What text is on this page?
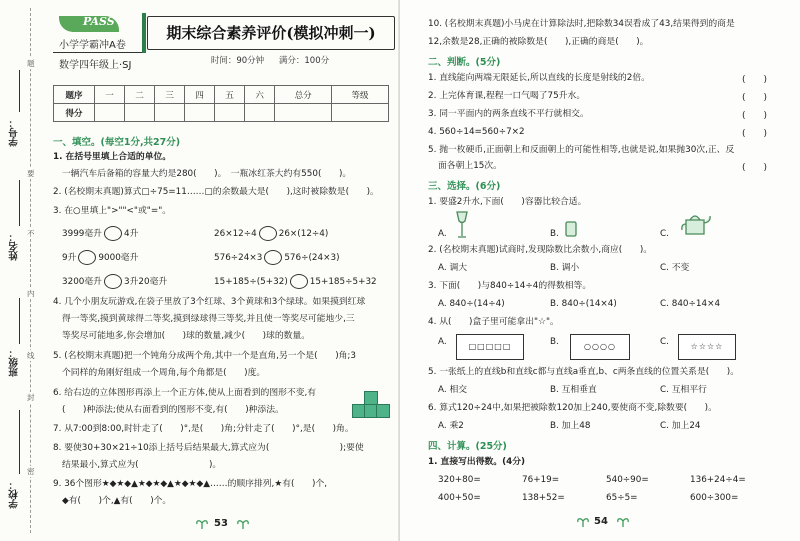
学号：
姓名：
班级：
学校：
题
要
不
内
线
封
密
PASS
小学学霸冲A卷
数学四年级上·SJ
期末综合素养评价(模拟冲刺一)
时间：90分钟 满分：100分
题序	一	二	三	四	五	六	总分	等级
得分								
一、填空。(每空1分,共27分)
1. 在括号里填上合适的单位。
一辆汽车后备箱的容量大约是280(　　)。　一瓶冰红茶大约有550(　　)。
2. (名校期末真题)算式□÷75=11……□的余数最大是(　　),这时被除数是(　　)。
3. 在○里填上">""<"或"="。
3999毫升	4升	26×12÷4	26×(12÷4)
9升	9000毫升	576÷24×3	576÷(24×3)
3200毫升	3升20毫升	15+185÷(5+32)	15+185÷5+32
4. 几个小朋友玩游戏,在袋子里放了3个红球、3个黄球和3个绿球。如果摸到红球
得一等奖,摸到黄球得二等奖,摸到绿球得三等奖,并且使一等奖尽可能地少,三
等奖尽可能地多,你会增加(　　)球的数量,减少(　　)球的数量。
5. (名校期末真题)把一个钝角分成两个角,其中一个是直角,另一个是(　　)角;3
个同样的角刚好组成一个周角,每个角都是(　　)度。
6. 给右边的立体图形再添上一个正方体,使从上面看到的图形不变,有
(　　)种添法;使从右面看到的图形不变,有(　　)种添法。
7. 从7:00到8:00,时针走了(　　)°,是(　　)角;分针走了(　　)°,是(　　)角。
8. 要使30+30×21÷10添上括号后结果最大,算式应为(　　　　　　　　);要使
结果最小,算式应为(　　　　　　　　)。
9. 36个图形★◆★◆▲★◆★◆▲★◆★◆▲……的顺序排列,★有(　　)个,
◆有(　　)个,▲有(　　)个。
53
10. (名校期末真题)小马虎在计算除法时,把除数34误看成了43,结果得到的商是
12,余数是28,正确的被除数是(　　),正确的商是(　　)。
二、判断。(5分)
1. 直线能向两端无限延长,所以直线的长度是射线的2倍。	(　　)
2. 上完体育课,程程一口气喝了75升水。	(　　)
3. 同一平面内的两条直线不平行就相交。	(　　)
4. 560÷14=560÷7×2	(　　)
5. 抛一枚硬币,正面朝上和反面朝上的可能性相等,也就是说,如果抛30次,正、反
面各朝上15次。	(　　)
三、选择。(6分)
1. 要盛2升水,下面(　　)容器比较合适。
A.	B.	C.
2. (名校期末真题)试商时,发现除数比余数小,商应(　　)。
A. 调大	B. 调小	C. 不变
3. 下面(　　)与840÷14÷4的得数相等。
A. 840÷(14÷4)	B. 840÷(14×4)	C. 840÷14×4
4. 从(　　)盒子里可能拿出"☆"。
A.	□□□□□	B.	○○○○	C.	☆☆☆☆
5. 一张纸上的直线b和直线c都与直线a垂直,b、c两条直线的位置关系是(　　)。
A. 相交	B. 互相垂直	C. 互相平行
6. 算式120÷24中,如果把被除数120加上240,要使商不变,除数要(　　)。
A. 乘2	B. 加上48	C. 加上24
四、计算。(25分)
1. 直接写出得数。(4分)
320+80=	76+19=	540÷90=	136+24÷4=
400+50=	138+52=	65÷5=	600÷300=
54
